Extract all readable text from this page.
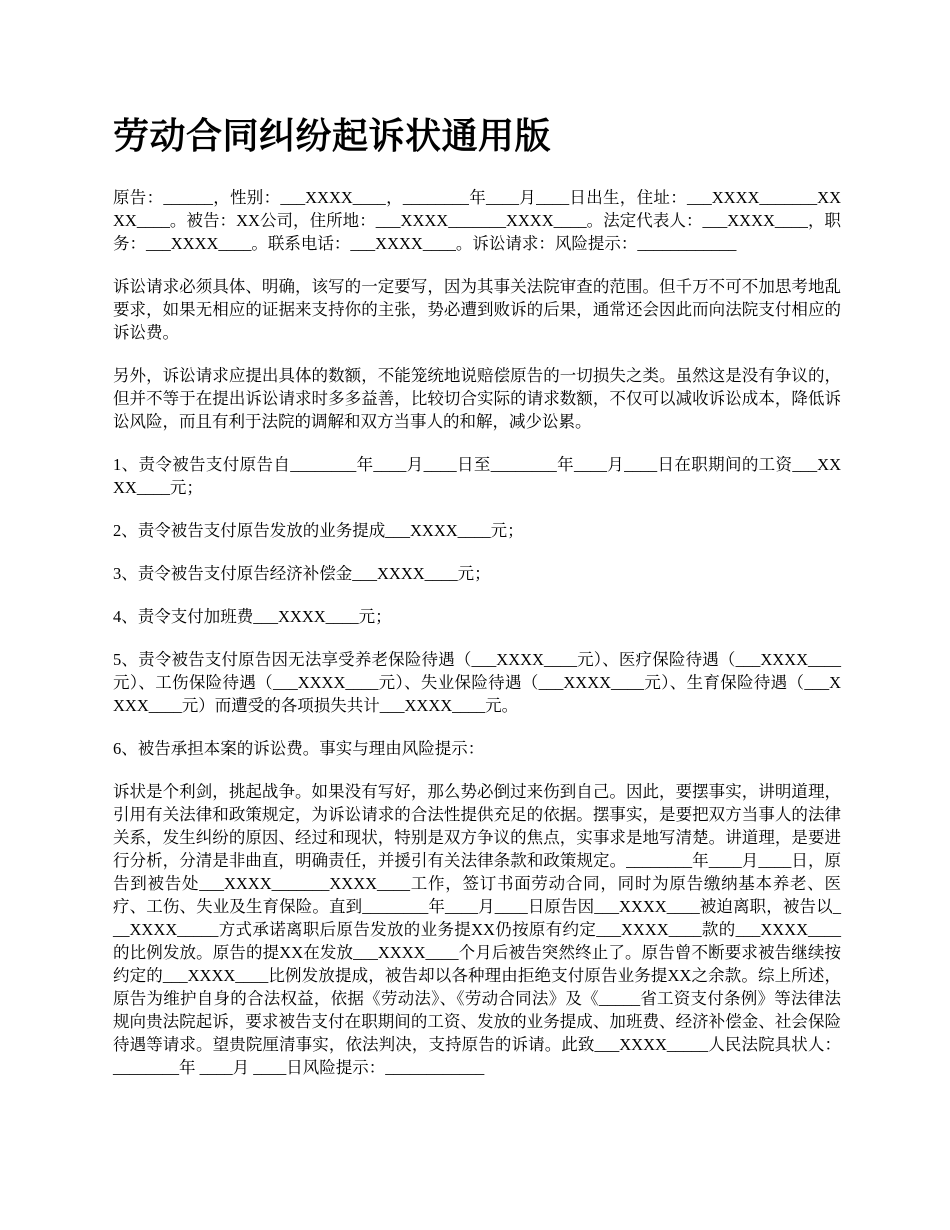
劳动合同纠纷起诉状通用版

原告：______，性别：___XXXX____，________年____月____日出生，住址：___XXXX_______XXXX____。被告：XX公司，住所地：___XXXX_______XXXX____。法定代表人：___XXXX____，职务：___XXXX____。联系电话：___XXXX____。诉讼请求：风险提示：____________

诉讼请求必须具体、明确，该写的一定要写，因为其事关法院审查的范围。但千万不可不加思考地乱要求，如果无相应的证据来支持你的主张，势必遭到败诉的后果，通常还会因此而向法院支付相应的诉讼费。

另外，诉讼请求应提出具体的数额，不能笼统地说赔偿原告的一切损失之类。虽然这是没有争议的，但并不等于在提出诉讼请求时多多益善，比较切合实际的请求数额，不仅可以减收诉讼成本，降低诉讼风险，而且有利于法院的调解和双方当事人的和解，减少讼累。

1、责令被告支付原告自________年____月____日至________年____月____日在职期间的工资___XXXX____元；

2、责令被告支付原告发放的业务提成___XXXX____元；

3、责令被告支付原告经济补偿金___XXXX____元；

4、责令支付加班费___XXXX____元；

5、责令被告支付原告因无法享受养老保险待遇（___XXXX____元）、医疗保险待遇（___XXXX____元）、工伤保险待遇（___XXXX____元）、失业保险待遇（___XXXX____元）、生育保险待遇（___XXXX____元）而遭受的各项损失共计___XXXX____元。

6、被告承担本案的诉讼费。事实与理由风险提示：

诉状是个利剑，挑起战争。如果没有写好，那么势必倒过来伤到自己。因此，要摆事实，讲明道理，引用有关法律和政策规定，为诉讼请求的合法性提供充足的依据。摆事实，是要把双方当事人的法律关系，发生纠纷的原因、经过和现状，特别是双方争议的焦点，实事求是地写清楚。讲道理，是要进行分析，分清是非曲直，明确责任，并援引有关法律条款和政策规定。________年____月____日，原告到被告处___XXXX_______XXXX____工作，签订书面劳动合同，同时为原告缴纳基本养老、医疗、工伤、失业及生育保险。直到________年____月____日原告因___XXXX____被迫离职，被告以___XXXX_____方式承诺离职后原告发放的业务提XX仍按原有约定___XXXX____款的___XXXX____的比例发放。原告的提XX在发放___XXXX____个月后被告突然终止了。原告曾不断要求被告继续按约定的___XXXX____比例发放提成，被告却以各种理由拒绝支付原告业务提XX之余款。综上所述，原告为维护自身的合法权益，依据《劳动法》、《劳动合同法》及《_____省工资支付条例》等法律法规向贵法院起诉，要求被告支付在职期间的工资、发放的业务提成、加班费、经济补偿金、社会保险待遇等请求。望贵院厘清事实，依法判决，支持原告的诉请。此致___XXXX_____人民法院具状人：________年 ____月 ____日风险提示：____________
